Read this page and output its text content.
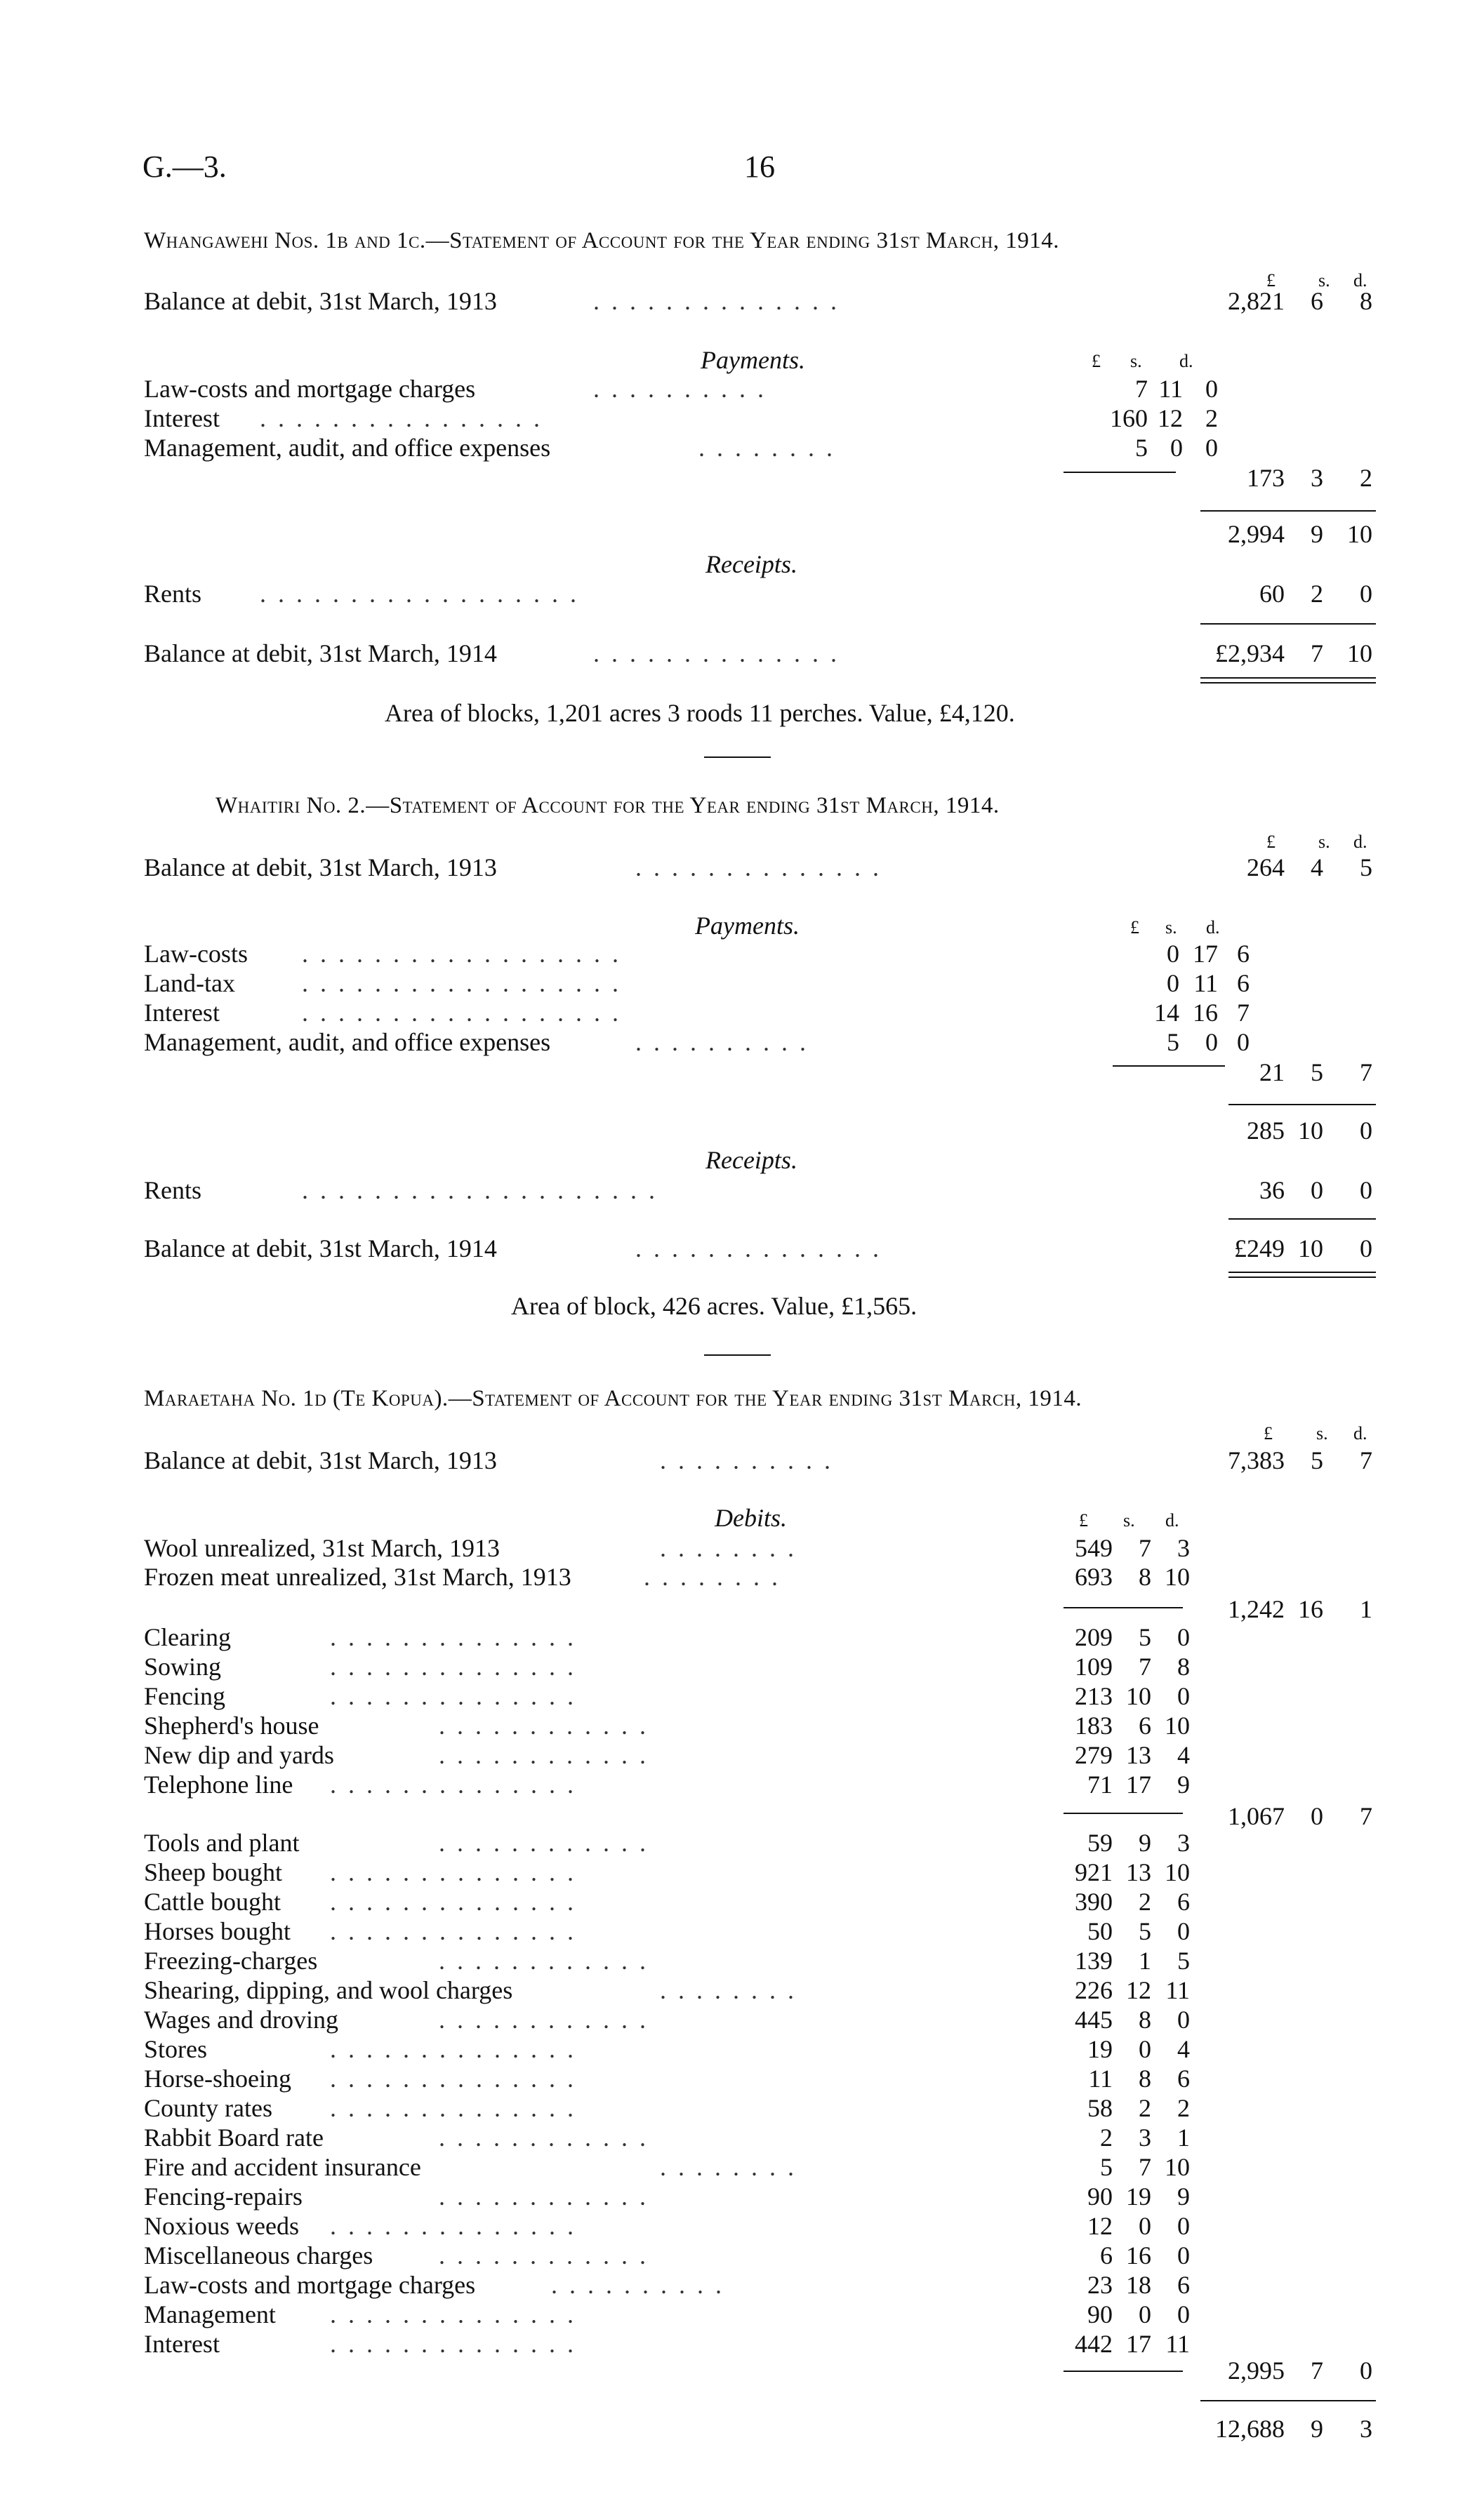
G.—3.	16
Whangawehi Nos. 1b and 1c.—Statement of Account for the Year ending 31st March, 1914.
£ s. d.
Balance at debit, 31st March, 1913	. . . . . . . . . . . . . .	2,821	6	8
Payments.	£ s. d.
Law-costs and mortgage charges	. . . . . . . . . .	7 11 0
Interest . . . . . . . . . . . . . . . .	160 12 2
Management, audit, and office expenses	. . . . . . . .	5 0 0
173	3	2
2,994	9 10
Receipts.
Rents . . . . . . . . . . . . . . . . . .	60	2	0
Balance at debit, 31st March, 1914	. . . . . . . . . . . . . .	£2,934	7 10
Area of blocks, 1,201 acres 3 roods 11 perches. Value, £4,120.
Whaitiri No. 2.—Statement of Account for the Year ending 31st March, 1914.
£ s. d.
Balance at debit, 31st March, 1913	. . . . . . . . . . . . . .	264	4	5
Payments.	£ s. d.
Law-costs . . . . . . . . . . . . . . . . . .	0 17 6
Land-tax	. . . . . . . . . . . . . . . . . .	0 11 6
Interest	. . . . . . . . . . . . . . . . . .	14 16 7
Management, audit, and office expenses	. . . . . . . . . .	5	0 0
21	5	7
285 10	0
Receipts.
Rents	. . . . . . . . . . . . . . . . . . . .	36	0	0
Balance at debit, 31st March, 1914	. . . . . . . . . . . . . .	£249 10	0
Area of block, 426 acres. Value, £1,565.
Maraetaha No. 1d (Te Kopua).—Statement of Account for the Year ending 31st March, 1914.
£ s. d.
Balance at debit, 31st March, 1913	. . . . . . . . . .	7,383	5	7
Debits.	£ s. d.
Wool unrealized, 31st March, 1913	. . . . . . . .	549	7	3
Frozen meat unrealized, 31st March, 1913	. . . . . . . .	693	8 10
1,242 16	1
Clearing	. . . . . . . . . . . . . .	209	5	0
Sowing	. . . . . . . . . . . . . .	109	7	8
Fencing	. . . . . . . . . . . . . .	213 10	0
Shepherd's house	. . . . . . . . . . . .	183	6 10
New dip and yards	. . . . . . . . . . . .	279 13	4
Telephone line . . . . . . . . . . . . . .	71 17	9
1,067	0	7
Tools and plant	. . . . . . . . . . . .	59	9	3
Sheep bought . . . . . . . . . . . . . .	921 13 10
Cattle bought . . . . . . . . . . . . . .	390	2	6
Horses bought . . . . . . . . . . . . . .	50	5	0
Freezing-charges	. . . . . . . . . . . .	139	1	5
Shearing, dipping, and wool charges	. . . . . . . .	226 12 11
Wages and droving	. . . . . . . . . . . .	445	8	0
Stores	. . . . . . . . . . . . . .	19	0	4
Horse-shoeing . . . . . . . . . . . . . .	11	8	6
County rates . . . . . . . . . . . . . .	58	2	2
Rabbit Board rate	. . . . . . . . . . . .	2	3	1
Fire and accident insurance	. . . . . . . .	5	7 10
Fencing-repairs	. . . . . . . . . . . .	90 19	9
Noxious weeds . . . . . . . . . . . . . .	12	0	0
Miscellaneous charges	. . . . . . . . . . . .	6 16	0
Law-costs and mortgage charges	. . . . . . . . . .	23 18	6
Management . . . . . . . . . . . . . .	90	0	0
Interest	. . . . . . . . . . . . . .	442 17 11
2,995	7	0
12,688	9	3
